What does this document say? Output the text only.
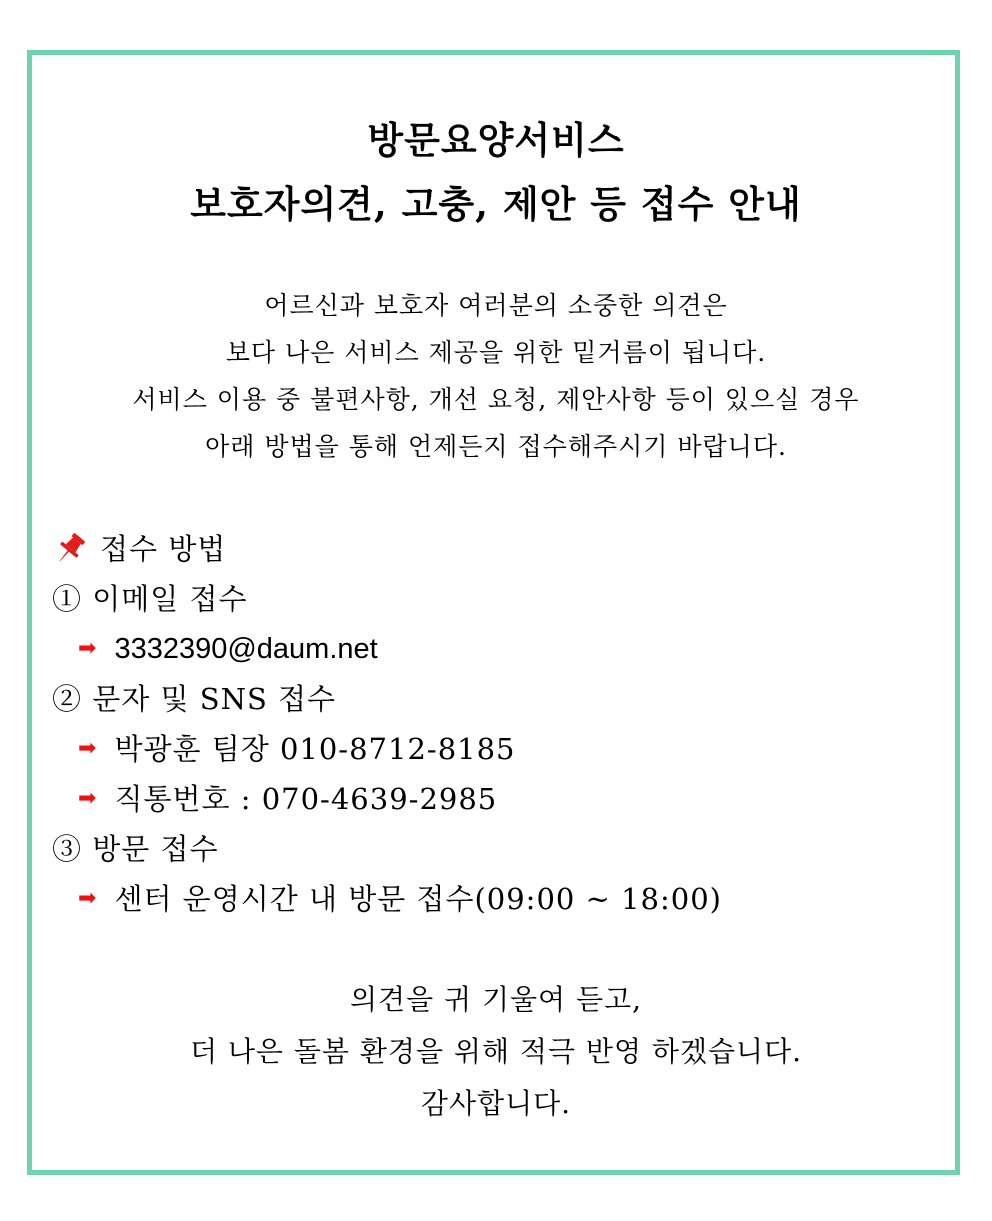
방문요양서비스
보호자의견, 고충, 제안 등 접수 안내
어르신과 보호자 여러분의 소중한 의견은
보다 나은 서비스 제공을 위한 밑거름이 됩니다.
서비스 이용 중 불편사항, 개선 요청, 제안사항 등이 있으실 경우
아래 방법을 통해 언제든지 접수해주시기 바랍니다.
접수 방법
① 이메일 접수
➡ 3332390@daum.net
② 문자 및 SNS 접수
➡ 박광훈 팀장 010-8712-8185
➡ 직통번호 : 070-4639-2985
③ 방문 접수
➡ 센터 운영시간 내 방문 접수(09:00 ~ 18:00)
의견을 귀 기울여 듣고,
더 나은 돌봄 환경을 위해 적극 반영 하겠습니다.
감사합니다.
